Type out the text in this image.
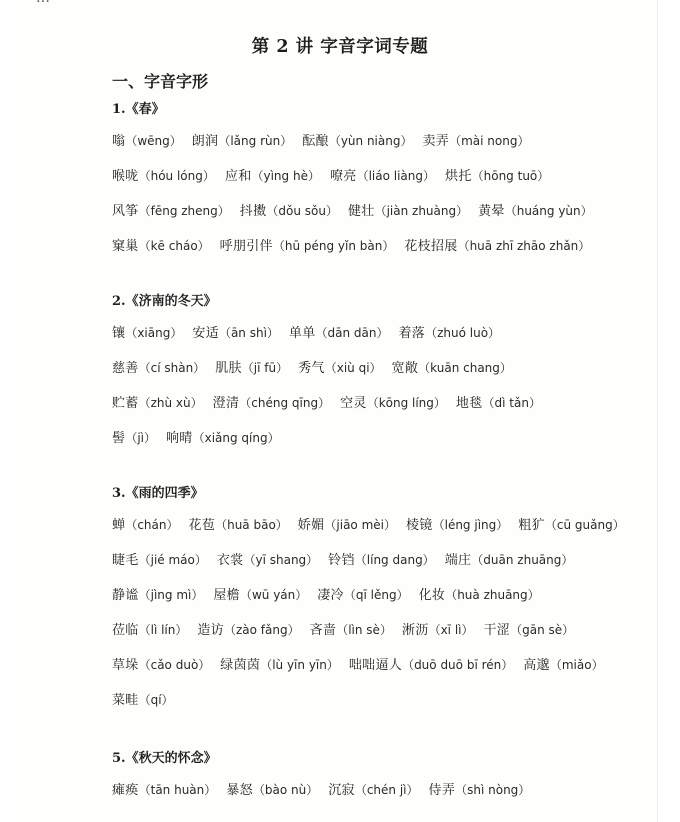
第 2 讲 字音字词专题
一、字音字形
1.《春》
嗡（wēng） 朗润（lǎng rùn） 酝酿（yùn niàng） 卖弄（mài nong）
喉咙（hóu lóng） 应和（yìng hè） 嘹亮（liáo liàng） 烘托（hōng tuō）
风筝（fēng zheng） 抖擞（dǒu sǒu） 健壮（jiàn zhuàng） 黄晕（huáng yùn）
窠巢（kē cháo） 呼朋引伴（hū péng yǐn bàn） 花枝招展（huā zhī zhāo zhǎn）
2.《济南的冬天》
镶（xiāng） 安适（ān shì） 单单（dān dān） 着落（zhuó luò）
慈善（cí shàn） 肌肤（jī fū） 秀气（xiù qi） 宽敞（kuān chang）
贮蓄（zhù xù） 澄清（chéng qīng） 空灵（kōng líng） 地毯（dì tǎn）
髻（jì） 响晴（xiǎng qíng）
3.《雨的四季》
蝉（chán） 花苞（huā bāo） 娇媚（jiāo mèi） 棱镜（léng jìng） 粗犷（cū guǎng）
睫毛（jié máo） 衣裳（yī shang） 铃铛（líng dang） 端庄（duān zhuāng）
静谧（jìng mì） 屋檐（wū yán） 凄冷（qī lěng） 化妆（huà zhuāng）
莅临（lì lín） 造访（zào fǎng） 吝啬（lìn sè） 淅沥（xī lì） 干涩（gān sè）
草垛（cǎo duò） 绿茵茵（lù yīn yīn） 咄咄逼人（duō duō bī rén） 高邈（miǎo）
菜畦（qí）
5.《秋天的怀念》
瘫痪（tān huàn） 暴怒（bào nù） 沉寂（chén jì） 侍弄（shì nòng）
